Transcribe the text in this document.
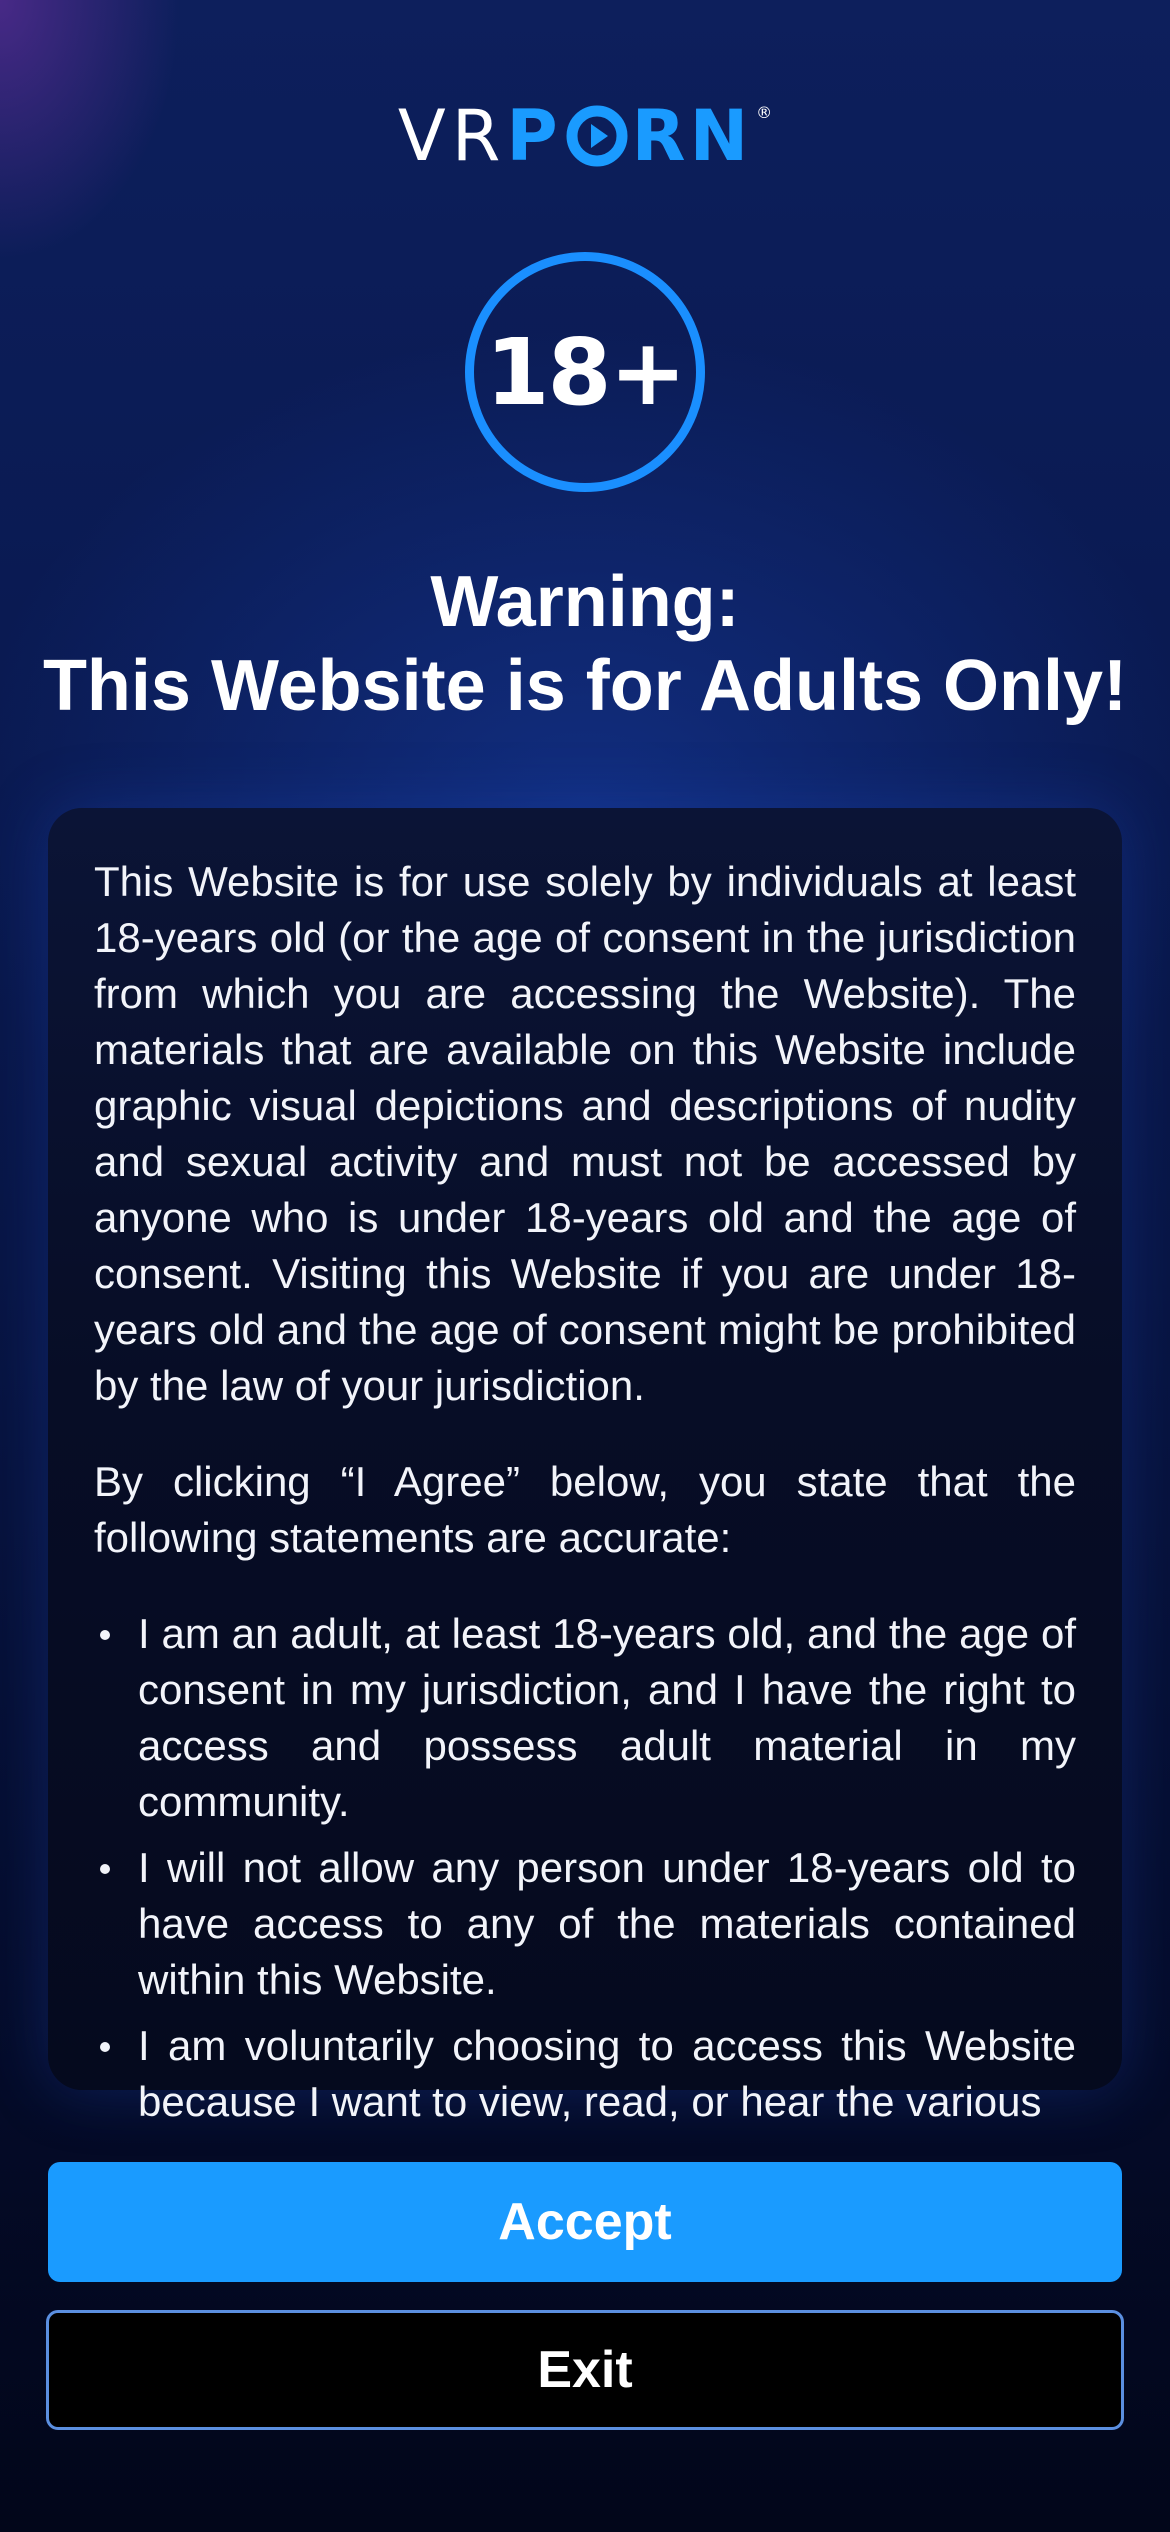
VR P RN ®
18+
Warning:
This Website is for Adults Only!

This Website is for use solely by individuals at least 18-years old (or the age of consent in the jurisdiction from which you are accessing the Website). The materials that are available on this Website include graphic visual depictions and descriptions of nudity and sexual activity and must not be accessed by anyone who is under 18-years old and the age of consent. Visiting this Website if you are under 18-years old and the age of consent might be prohibited by the law of your jurisdiction.

By clicking “I Agree” below, you state that the following statements are accurate:

I am an adult, at least 18-years old, and the age of consent in my jurisdiction, and I have the right to access and possess adult material in my community.
I will not allow any person under 18-years old to have access to any of the materials contained within this Website.
I am voluntarily choosing to access this Website because I want to view, read, or hear the various
Accept
Exit
